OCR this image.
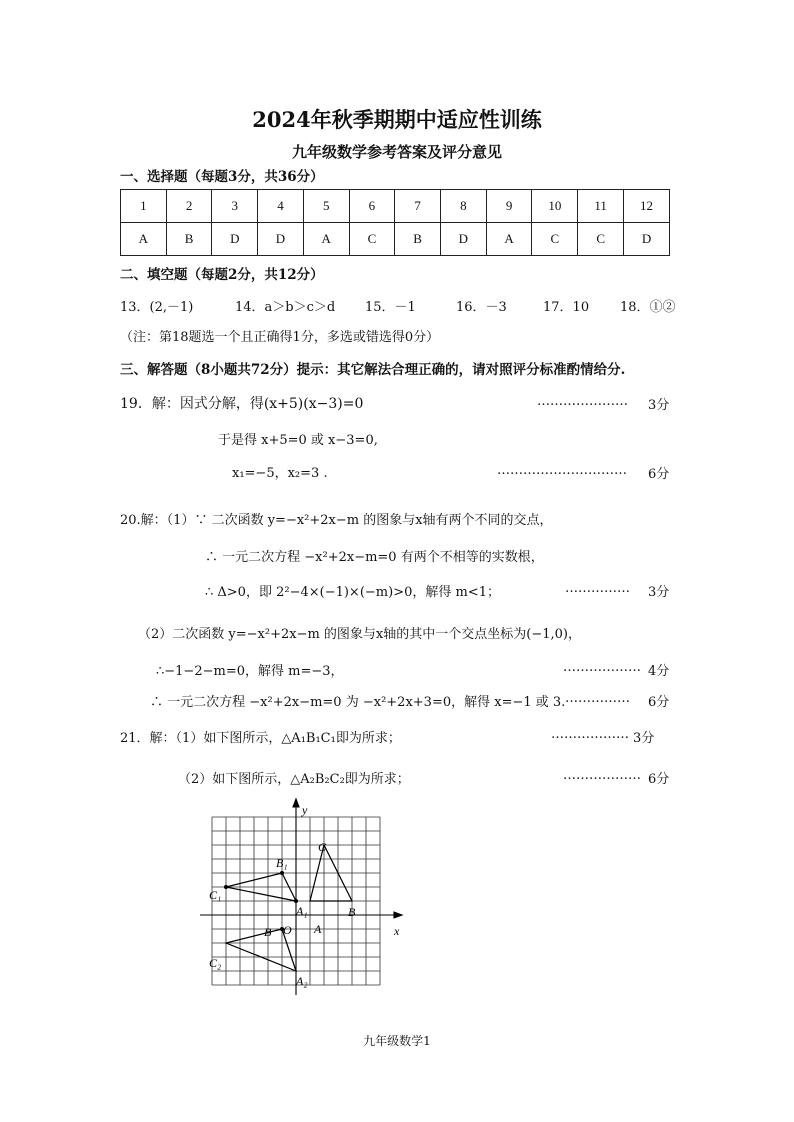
2024年秋季期期中适应性训练
九年级数学参考答案及评分意见
一、选择题（每题3分，共36分）
1	2	3	4	5	6	7	8	9	10	11	12
A	B	D	D	A	C	B	D	A	C	C	D
二、填空题（每题2分，共12分）
13．(2,－1)	14．a＞b＞c＞d 15．－1	16．－3	17．10 18．①②
（注：第18题选一个且正确得1分，多选或错选得0分）
三、解答题（8小题共72分）提示：其它解法合理正确的，请对照评分标准酌情给分.
19．解：因式分解，得(x+5)(x−3)=0	………………… 3分
于是得 x+5=0 或 x−3=0,
x₁=−5，x₂=3 .	………………………… 6分
20.解：（1）∵ 二次函数 y=−x²+2x−m 的图象与x轴有两个不同的交点，
∴ 一元二次方程 −x²+2x−m=0 有两个不相等的实数根，
∴ Δ>0，即 2²−4×(−1)×(−m)>0，解得 m<1；	…………… 3分
（2）二次函数 y=−x²+2x−m 的图象与x轴的其中一个交点坐标为(−1,0)，
∴−1−2−m=0，解得 m=−3，	……………… 4分
∴ 一元二次方程 −x²+2x−m=0 为 −x²+2x+3=0，解得 x=−1 或 3. …………… 6分
21．解：（1）如下图所示，△A₁B₁C₁即为所求；	……………… 3分
（2）如下图所示，△A₂B₂C₂即为所求；	……………… 6分
y
x
O A
B
C
A₁
B₁
C₁
A₂
B
C₂
九年级数学1
